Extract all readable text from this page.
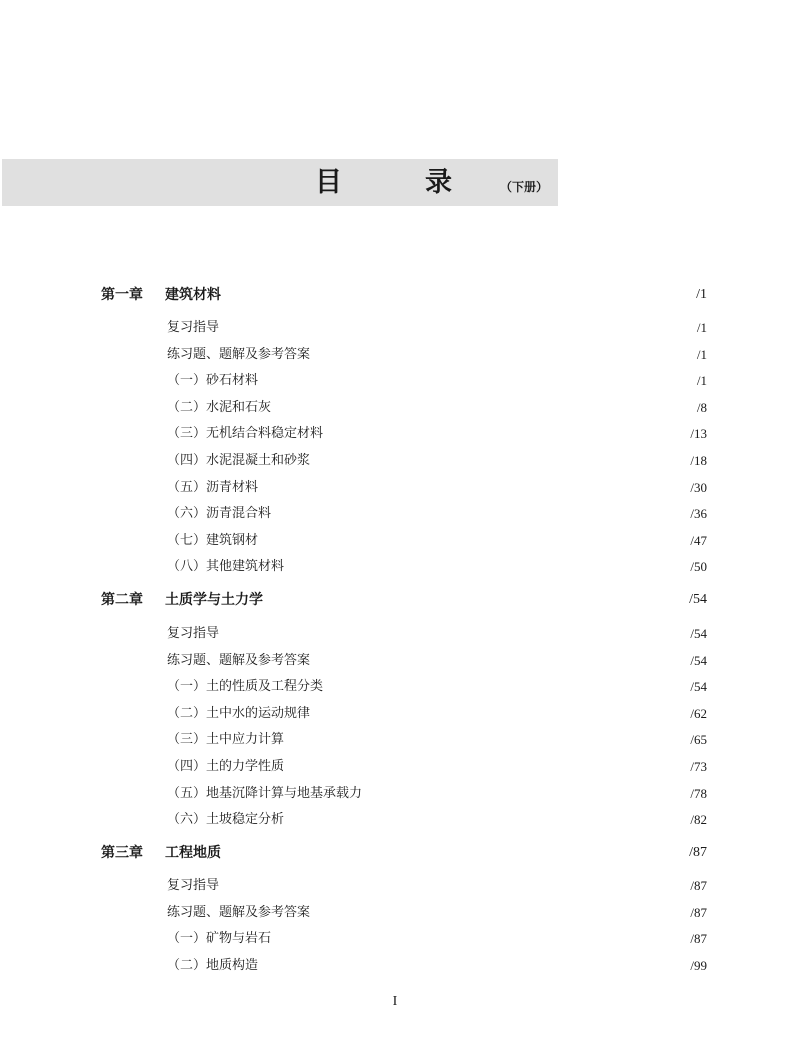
目　录 （下册）
第一章 建筑材料	/1
复习指导	/1
练习题、题解及参考答案	/1
（一）砂石材料	/1
（二）水泥和石灰	/8
（三）无机结合料稳定材料	/13
（四）水泥混凝土和砂浆	/18
（五）沥青材料	/30
（六）沥青混合料	/36
（七）建筑钢材	/47
（八）其他建筑材料	/50
第二章 土质学与土力学	/54
复习指导	/54
练习题、题解及参考答案	/54
（一）土的性质及工程分类	/54
（二）土中水的运动规律	/62
（三）土中应力计算	/65
（四）土的力学性质	/73
（五）地基沉降计算与地基承载力	/78
（六）土坡稳定分析	/82
第三章 工程地质	/87
复习指导	/87
练习题、题解及参考答案	/87
（一）矿物与岩石	/87
（二）地质构造	/99
I
